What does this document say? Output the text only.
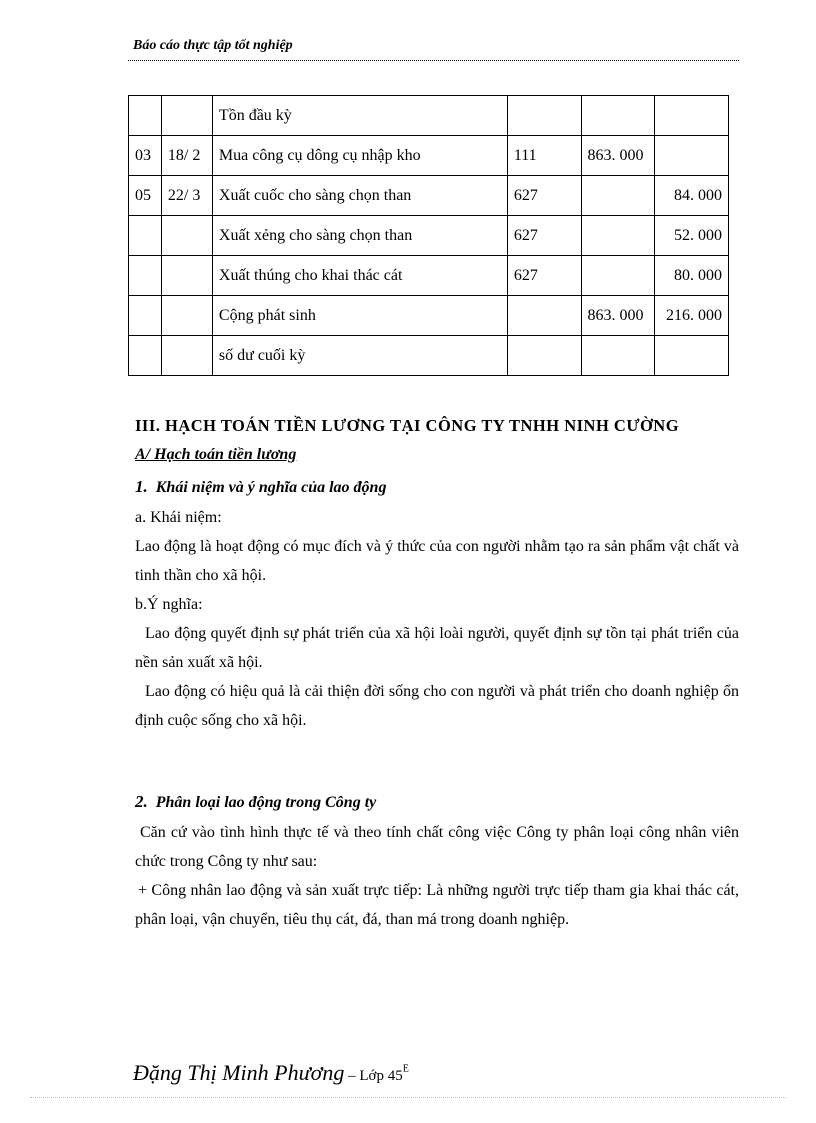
Báo cáo thực tập tốt nghiệp
		Tồn đầu kỳ			
03	18/ 2	Mua công cụ dông cụ nhập kho	111	863. 000	
05	22/ 3	Xuất cuốc cho sàng chọn than	627		84. 000
		Xuất xẻng cho sàng chọn than	627		52. 000
		Xuất thúng cho khai thác cát	627		80. 000
		Cộng phát sinh		863. 000	216. 000
		số dư cuối kỳ			
III. HẠCH TOÁN TIỀN LƯƠNG TẠI CÔNG TY TNHH NINH CƯỜNG
A/ Hạch toán tiền lương
1. Khái niệm và ý nghĩa của lao động

a. Khái niệm:

Lao động là hoạt động có mục đích và ý thức của con người nhằm tạo ra sản phẩm vật chất và tinh thần cho xã hội.

b.Ý nghĩa:

Lao động quyết định sự phát triển của xã hội loài người, quyết định sự tồn tại phát triển của nền sản xuất xã hội.

Lao động có hiệu quả là cải thiện đời sống cho con người và phát triển cho doanh nghiệp ổn định cuộc sống cho xã hội.

2. Phân loại lao động trong Công ty

Căn cứ vào tình hình thực tế và theo tính chất công việc Công ty phân loại công nhân viên chức trong Công ty như sau:

+ Công nhân lao động và sản xuất trực tiếp: Là những người trực tiếp tham gia khai thác cát, phân loại, vận chuyển, tiêu thụ cát, đá, than má trong doanh nghiệp.

Đặng Thị Minh Phương – Lớp $45^E$
